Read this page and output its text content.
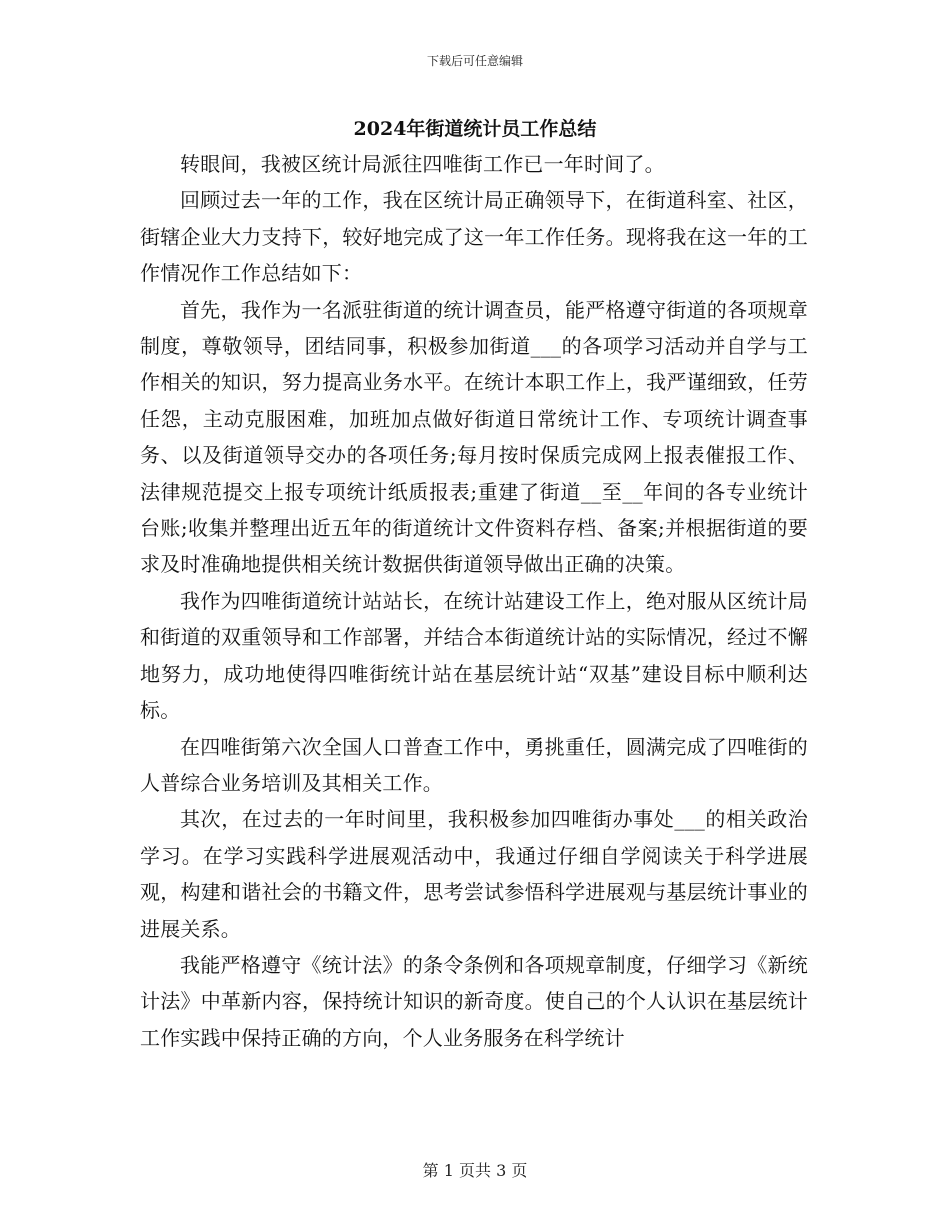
下载后可任意编辑
2024年街道统计员工作总结

转眼间，我被区统计局派往四唯街工作已一年时间了。

回顾过去一年的工作，我在区统计局正确领导下，在街道科室、社区，街辖企业大力支持下，较好地完成了这一年工作任务。现将我在这一年的工作情况作工作总结如下：

首先，我作为一名派驻街道的统计调查员，能严格遵守街道的各项规章制度，尊敬领导，团结同事，积极参加街道___的各项学习活动并自学与工作相关的知识，努力提高业务水平。在统计本职工作上，我严谨细致，任劳任怨，主动克服困难，加班加点做好街道日常统计工作、专项统计调查事务、以及街道领导交办的各项任务;每月按时保质完成网上报表催报工作、法律规范提交上报专项统计纸质报表;重建了街道__至__年间的各专业统计台账;收集并整理出近五年的街道统计文件资料存档、备案;并根据街道的要求及时准确地提供相关统计数据供街道领导做出正确的决策。

我作为四唯街道统计站站长，在统计站建设工作上，绝对服从区统计局和街道的双重领导和工作部署，并结合本街道统计站的实际情况，经过不懈地努力，成功地使得四唯街统计站在基层统计站“双基”建设目标中顺利达标。

在四唯街第六次全国人口普查工作中，勇挑重任，圆满完成了四唯街的人普综合业务培训及其相关工作。

其次，在过去的一年时间里，我积极参加四唯街办事处___的相关政治学习。在学习实践科学进展观活动中，我通过仔细自学阅读关于科学进展观，构建和谐社会的书籍文件，思考尝试参悟科学进展观与基层统计事业的进展关系。

我能严格遵守《统计法》的条令条例和各项规章制度，仔细学习《新统计法》中革新内容，保持统计知识的新奇度。使自己的个人认识在基层统计工作实践中保持正确的方向，个人业务服务在科学统计

第 1 页共 3 页
